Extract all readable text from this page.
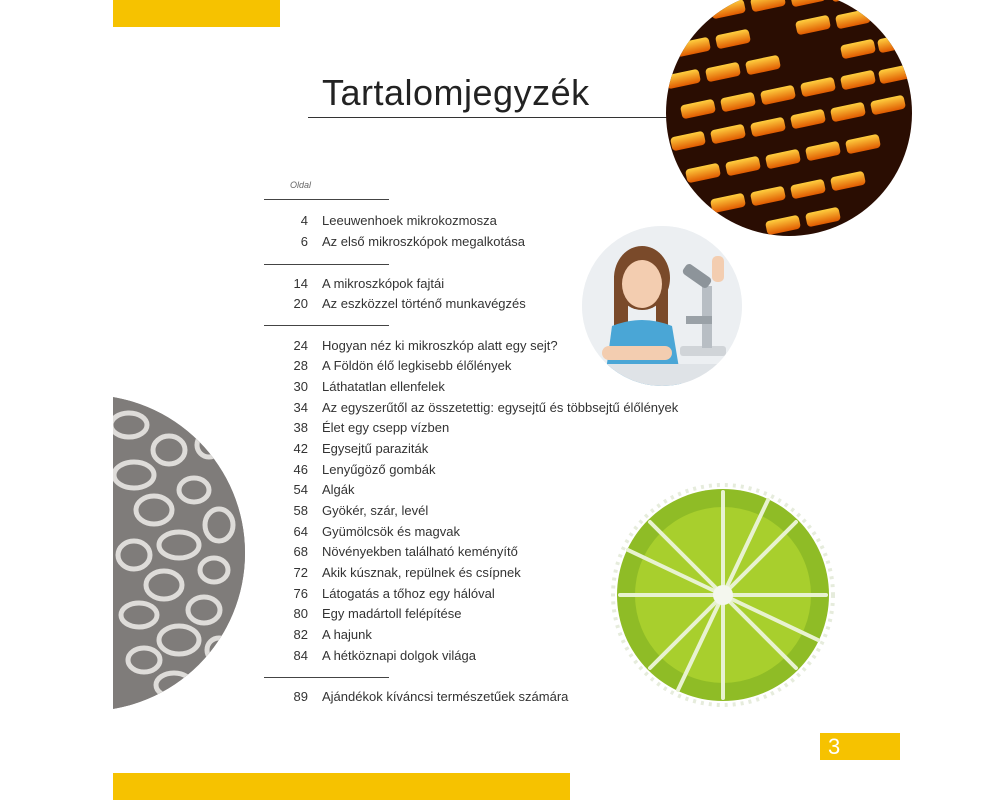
3
Tartalomjegyzék
Oldal
4 Leeuwenhoek mikrokozmosza
6 Az első mikroszkópok megalkotása
14 A mikroszkópok fajtái
20 Az eszközzel történő munkavégzés
24 Hogyan néz ki mikroszkóp alatt egy sejt?
28 A Földön élő legkisebb élőlények
30 Láthatatlan ellenfelek
34 Az egyszerűtől az összetettig: egysejtű és többsejtű élőlények
38 Élet egy csepp vízben
42 Egysejtű paraziták
46 Lenyűgöző gombák
54 Algák
58 Gyökér, szár, levél
64 Gyümölcsök és magvak
68 Növényekben található keményítő
72 Akik kúsznak, repülnek és csípnek
76 Látogatás a tőhoz egy hálóval
80 Egy madártoll felépítése
82 A hajunk
84 A hétköznapi dolgok világa
89 Ajándékok kíváncsi természetűek számára
